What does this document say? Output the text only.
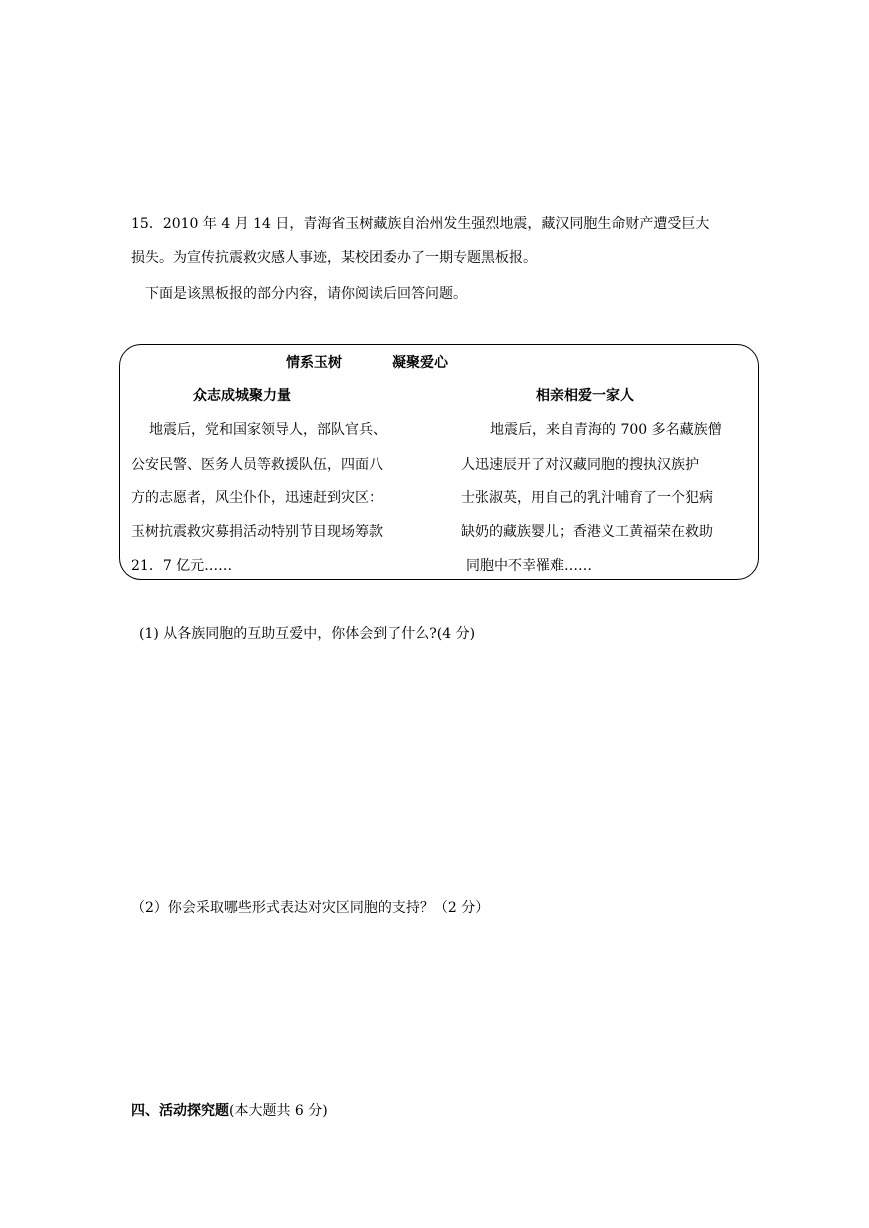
15．2010 年 4 月 14 日，青海省玉树藏族自治州发生强烈地震，藏汉同胞生命财产遭受巨大
损失。为宣传抗震救灾感人事迹，某校团委办了一期专题黑板报。
下面是该黑板报的部分内容，请你阅读后回答问题。
情系玉树	凝聚爱心
众志成城聚力量	相亲相爱一家人
地震后，党和国家领导人，部队官兵、
公安民警、医务人员等救援队伍，四面八
方的志愿者，风尘仆仆，迅速赶到灾区：
玉树抗震救灾募捐活动特别节目现场筹款
21．7 亿元……
地震后，来自青海的 700 多名藏族僧
人迅速辰开了对汉藏同胞的搜执汉族护
士张淑英，用自己的乳汁哺育了一个犯病
缺奶的藏族婴儿；香港义工黄福荣在救助
同胞中不幸罹难……
(1) 从各族同胞的互助互爱中，你体会到了什么?(4 分)
（2）你会采取哪些形式表达对灾区同胞的支持？（2 分）
四、活动探究题(本大题共 6 分)
